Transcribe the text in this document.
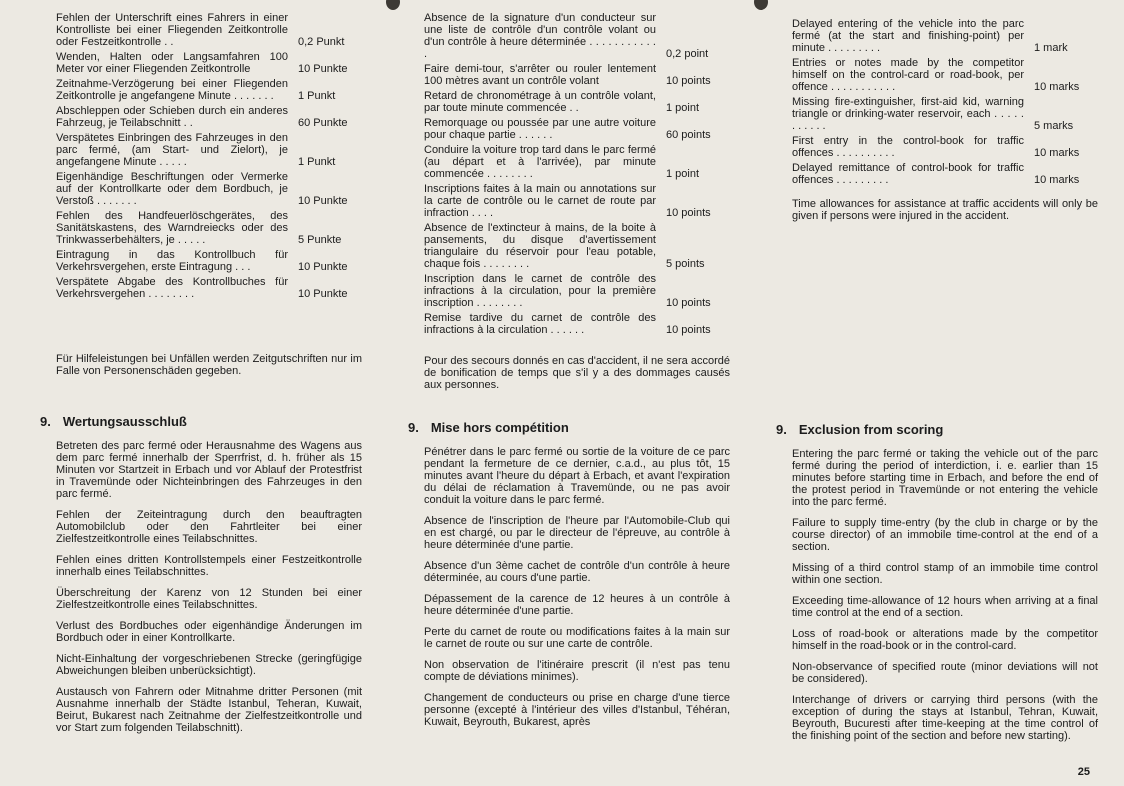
Fehlen der Unterschrift eines Fahrers in einer Kontrolliste bei einer Fliegenden Zeitkontrolle oder Festzeitkontrolle . .	0,2 Punkt
Wenden, Halten oder Langsamfahren 100 Meter vor einer Fliegenden Zeitkontrolle	10 Punkte
Zeitnahme-Verzögerung bei einer Fliegenden Zeitkontrolle je angefangene Minute . . . . . . .	1 Punkt
Abschleppen oder Schieben durch ein anderes Fahrzeug, je Teilabschnitt . .	60 Punkte
Verspätetes Einbringen des Fahrzeuges in den parc fermé, (am Start- und Zielort), je angefangene Minute . . . . .	1 Punkt
Eigenhändige Beschriftungen oder Vermerke auf der Kontrollkarte oder dem Bordbuch, je Verstoß . . . . . . .	10 Punkte
Fehlen des Handfeuerlöschgerätes, des Sanitätskastens, des Warndreiecks oder des Trinkwasserbehälters, je . . . . .	5 Punkte
Eintragung in das Kontrollbuch für Verkehrsvergehen, erste Eintragung . . .	10 Punkte
Verspätete Abgabe des Kontrollbuches für Verkehrsvergehen . . . . . . . .	10 Punkte
Für Hilfeleistungen bei Unfällen werden Zeitgutschriften nur im Falle von Personenschäden gegeben.
9. Wertungsausschluß
Betreten des parc fermé oder Herausnahme des Wagens aus dem parc fermé innerhalb der Sperrfrist, d. h. früher als 15 Minuten vor Startzeit in Erbach und vor Ablauf der Protestfrist in Travemünde oder Nichteinbringen des Fahrzeuges in den parc fermé.
Fehlen der Zeiteintragung durch den beauftragten Automobilclub oder den Fahrtleiter bei einer Zielfestzeitkontrolle eines Teilabschnittes.
Fehlen eines dritten Kontrollstempels einer Festzeitkontrolle innerhalb eines Teilabschnittes.
Überschreitung der Karenz von 12 Stunden bei einer Zielfestzeitkontrolle eines Teilabschnittes.
Verlust des Bordbuches oder eigenhändige Änderungen im Bordbuch oder in einer Kontrollkarte.
Nicht-Einhaltung der vorgeschriebenen Strecke (geringfügige Abweichungen bleiben unberücksichtigt).
Austausch von Fahrern oder Mitnahme dritter Personen (mit Ausnahme innerhalb der Städte Istanbul, Teheran, Kuwait, Beirut, Bukarest nach Zeitnahme der Zielfestzeitkontrolle und vor Start zum folgenden Teilabschnitt).
Absence de la signature d'un conducteur sur une liste de contrôle d'un contrôle volant ou d'un contrôle à heure déterminée . . . . . . . . . . . .	0,2 point
Faire demi-tour, s'arrêter ou rouler lentement 100 mètres avant un contrôle volant	10 points
Retard de chronométrage à un contrôle volant, par toute minute commencée . .	1 point
Remorquage ou poussée par une autre voiture pour chaque partie . . . . . .	60 points
Conduire la voiture trop tard dans le parc fermé (au départ et à l'arrivée), par minute commencée . . . . . . . .	1 point
Inscriptions faites à la main ou annotations sur la carte de contrôle ou le carnet de route par infraction . . . .	10 points
Absence de l'extincteur à mains, de la boite à pansements, du disque d'avertissement triangulaire du réservoir pour l'eau potable, chaque fois . . . . . . . .	5 points
Inscription dans le carnet de contrôle des infractions à la circulation, pour la première inscription . . . . . . . .	10 points
Remise tardive du carnet de contrôle des infractions à la circulation . . . . . .	10 points
Pour des secours donnés en cas d'accident, il ne sera accordé de bonification de temps que s'il y a des dommages causés aux personnes.
9. Mise hors compétition
Pénétrer dans le parc fermé ou sortie de la voiture de ce parc pendant la fermeture de ce dernier, c.a.d., au plus tôt, 15 minutes avant l'heure du départ à Erbach, et avant l'expiration du délai de réclamation à Travemünde, ou ne pas avoir conduit la voiture dans le parc fermé.
Absence de l'inscription de l'heure par l'Automobile-Club qui en est chargé, ou par le directeur de l'épreuve, au contrôle à heure déterminée d'une partie.
Absence d'un 3ème cachet de contrôle d'un contrôle à heure déterminée, au cours d'une partie.
Dépassement de la carence de 12 heures à un contrôle à heure déterminée d'une partie.
Perte du carnet de route ou modifications faites à la main sur le carnet de route ou sur une carte de contrôle.
Non observation de l'itinéraire prescrit (il n'est pas tenu compte de déviations minimes).
Changement de conducteurs ou prise en charge d'une tierce personne (excepté à l'intérieur des villes d'Istanbul, Téhéran, Kuwait, Beyrouth, Bukarest, après
Delayed entering of the vehicle into the parc fermé (at the start and finishing-point) per minute . . . . . . . . .	1 mark
Entries or notes made by the competitor himself on the control-card or road-book, per offence . . . . . . . . . . .	10 marks
Missing fire-extinguisher, first-aid kid, warning triangle or drinking-water reservoir, each . . . . . . . . . . .	5 marks
First entry in the control-book for traffic offences . . . . . . . . . .	10 marks
Delayed remittance of control-book for traffic offences . . . . . . . . .	10 marks
Time allowances for assistance at traffic accidents will only be given if persons were injured in the accident.
9. Exclusion from scoring
Entering the parc fermé or taking the vehicle out of the parc fermé during the period of interdiction, i. e. earlier than 15 minutes before starting time in Erbach, and before the end of the protest period in Travemünde or not entering the vehicle into the parc fermé.
Failure to supply time-entry (by the club in charge or by the course director) of an immobile time-control at the end of a section.
Missing of a third control stamp of an immobile time control within one section.
Exceeding time-allowance of 12 hours when arriving at a final time control at the end of a section.
Loss of road-book or alterations made by the competitor himself in the road-book or in the control-card.
Non-observance of specified route (minor deviations will not be considered).
Interchange of drivers or carrying third persons (with the exception of during the stays at Istanbul, Tehran, Kuwait, Beyrouth, Bucuresti after time-keeping at the time control of the finishing point of the section and before new starting).
25
